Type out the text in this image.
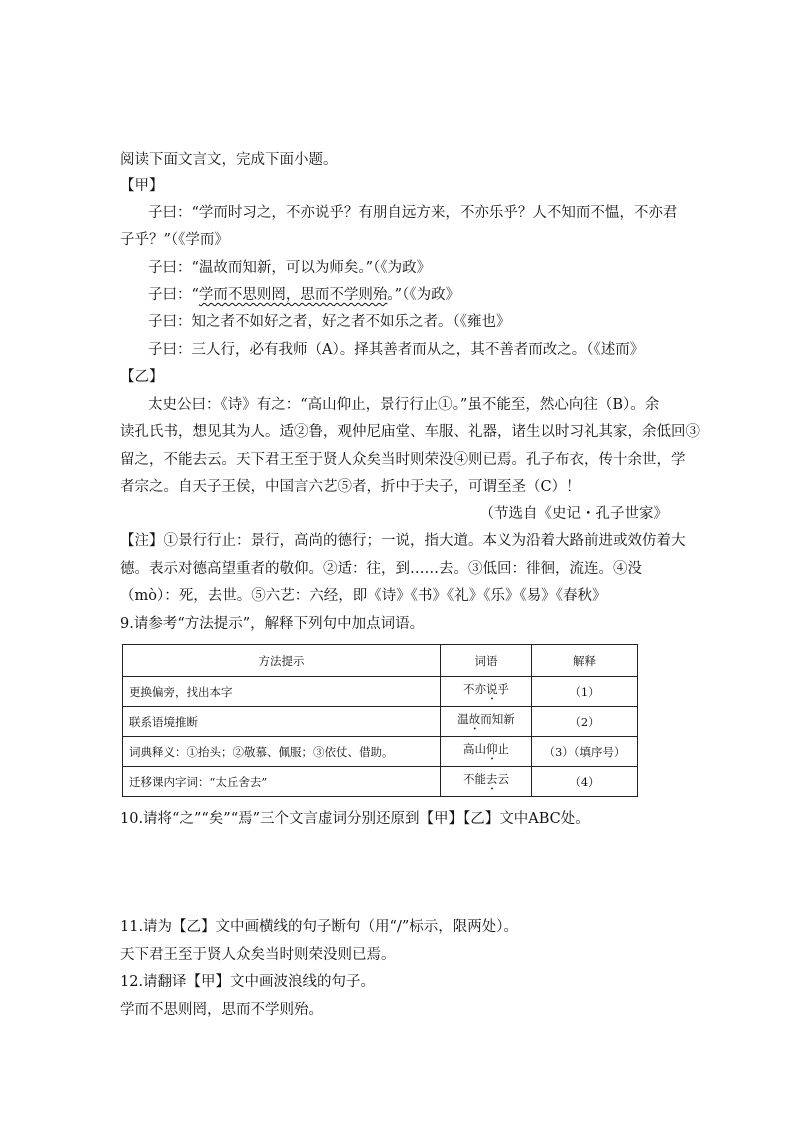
阅读下面文言文，完成下面小题。
【甲】
子曰：“学而时习之，不亦说乎？有朋自远方来，不亦乐乎？人不知而不愠，不亦君
子乎？”（《学而》
子曰：“温故而知新，可以为师矣。”（《为政》
子曰：“学而不思则罔，思而不学则殆。”（《为政》
子曰：知之者不如好之者，好之者不如乐之者。（《雍也》
子曰：三人行，必有我师（A）。择其善者而从之，其不善者而改之。（《述而》
【乙】
太史公曰：《诗》有之：“高山仰止，景行行止①。”虽不能至，然心向往（B）。余
读孔氏书，想见其为人。适②鲁，观仲尼庙堂、车服、礼器，诸生以时习礼其家，余低回③
留之，不能去云。天下君王至于贤人众矣当时则荣没④则已焉。孔子布衣，传十余世，学
者宗之。自天子王侯，中国言六艺⑤者，折中于夫子，可谓至圣（C）！
（节选自《史记・孔子世家》
【注】①景行行止：景行，高尚的德行；一说，指大道。本义为沿着大路前进或效仿着大
德。表示对德高望重者的敬仰。②适：往，到……去。③低回：徘徊，流连。④没
（mò）：死，去世。⑤六艺：六经，即《诗》《书》《礼》《乐》《易》《春秋》
9.请参考“方法提示”，解释下列句中加点词语。
方法提示	词语	解释
更换偏旁，找出本字	不亦说乎	（1）
联系语境推断	温故而知新	（2）
词典释义：①抬头；②敬慕、佩服；③依仗、借助。	高山仰止	（3）（填序号）
迁移课内字词：“太丘舍去”	不能去云	（4）
10.请将“之”“矣”“焉”三个文言虚词分别还原到【甲】【乙】文中ABC处。
11.请为【乙】文中画横线的句子断句（用“/”标示，限两处）。
天下君王至于贤人众矣当时则荣没则已焉。
12.请翻译【甲】文中画波浪线的句子。
学而不思则罔，思而不学则殆。
